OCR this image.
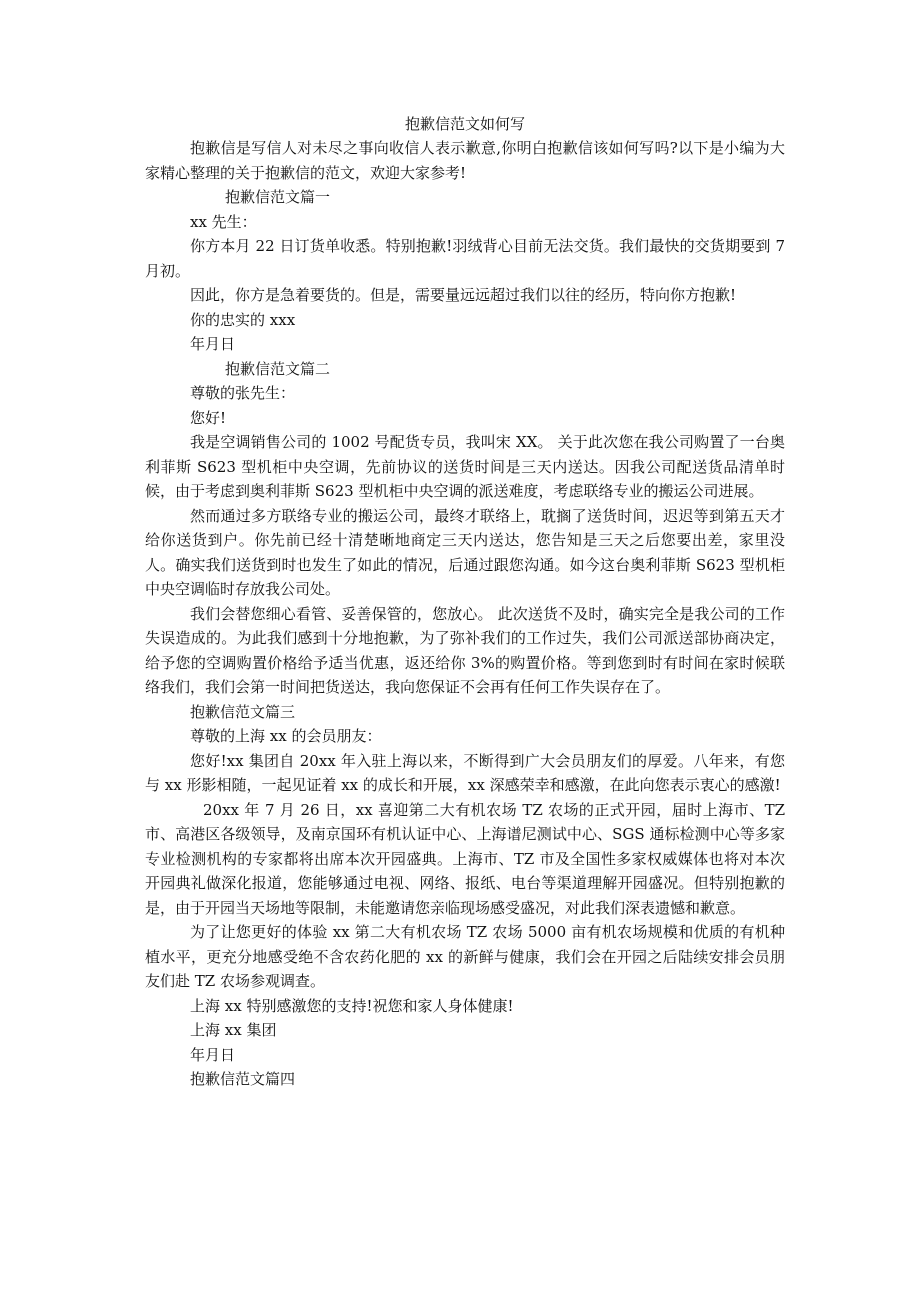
抱歉信范文如何写

抱歉信是写信人对未尽之事向收信人表示歉意,你明白抱歉信该如何写吗?以下是小编为大家精心整理的关于抱歉信的范文，欢迎大家参考!

抱歉信范文篇一

xx 先生：

你方本月 22 日订货单收悉。特别抱歉!羽绒背心目前无法交货。我们最快的交货期要到 7 月初。

因此，你方是急着要货的。但是，需要量远远超过我们以往的经历，特向你方抱歉!

你的忠实的 xxx

年月日

抱歉信范文篇二

尊敬的张先生：

您好!

我是空调销售公司的 1002 号配货专员，我叫宋 XX。 关于此次您在我公司购置了一台奥利菲斯 S623 型机柜中央空调，先前协议的送货时间是三天内送达。因我公司配送货品清单时候，由于考虑到奥利菲斯 S623 型机柜中央空调的派送难度，考虑联络专业的搬运公司进展。

然而通过多方联络专业的搬运公司，最终才联络上，耽搁了送货时间，迟迟等到第五天才给你送货到户。你先前已经十清楚晰地商定三天内送达，您告知是三天之后您要出差，家里没人。确实我们送货到时也发生了如此的情况，后通过跟您沟通。如今这台奥利菲斯 S623 型机柜中央空调临时存放我公司处。

我们会替您细心看管、妥善保管的，您放心。 此次送货不及时，确实完全是我公司的工作失误造成的。为此我们感到十分地抱歉，为了弥补我们的工作过失，我们公司派送部协商决定，给予您的空调购置价格给予适当优惠，返还给你 3%的购置价格。等到您到时有时间在家时候联络我们，我们会第一时间把货送达，我向您保证不会再有任何工作失误存在了。

抱歉信范文篇三

尊敬的上海 xx 的会员朋友：

您好!xx 集团自 20xx 年入驻上海以来，不断得到广大会员朋友们的厚爱。八年来，有您与 xx 形影相随，一起见证着 xx 的成长和开展，xx 深感荣幸和感激，在此向您表示衷心的感激!

20xx 年 7 月 26 日，xx 喜迎第二大有机农场 TZ 农场的正式开园，届时上海市、TZ 市、高港区各级领导，及南京国环有机认证中心、上海谱尼测试中心、SGS 通标检测中心等多家专业检测机构的专家都将出席本次开园盛典。上海市、TZ 市及全国性多家权威媒体也将对本次开园典礼做深化报道，您能够通过电视、网络、报纸、电台等渠道理解开园盛况。但特别抱歉的是，由于开园当天场地等限制，未能邀请您亲临现场感受盛况，对此我们深表遗憾和歉意。

为了让您更好的体验 xx 第二大有机农场 TZ 农场 5000 亩有机农场规模和优质的有机种植水平，更充分地感受绝不含农药化肥的 xx 的新鲜与健康，我们会在开园之后陆续安排会员朋友们赴 TZ 农场参观调查。

上海 xx 特别感激您的支持!祝您和家人身体健康!

上海 xx 集团

年月日

抱歉信范文篇四
